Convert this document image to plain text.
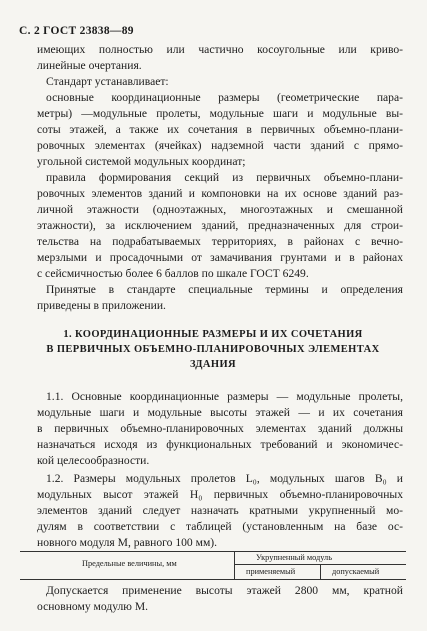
С. 2 ГОСТ 23838—89
имеющих полностью или частично косоугольные или криво-
линейные очертания.
Стандарт устанавливает:
основные координационные размеры (геометрические пара-
метры) —модульные пролеты, модульные шаги и модульные вы-
соты этажей, а также их сочетания в первичных объемно-плани-
ровочных элементах (ячейках) надземной части зданий с прямо-
угольной системой модульных координат;
правила формирования секций из первичных объемно-плани-
ровочных элементов зданий и компоновки на их основе зданий раз-
личной этажности (одноэтажных, многоэтажных и смешанной
этажности), за исключением зданий, предназначенных для строи-
тельства на подрабатываемых территориях, в районах с вечно-
мерзлыми и просадочными от замачивания грунтами и в районах
с сейсмичностью более 6 баллов по шкале ГОСТ 6249.
Принятые в стандарте специальные термины и определения
приведены в приложении.
1. КООРДИНАЦИОННЫЕ РАЗМЕРЫ И ИХ СОЧЕТАНИЯ
В ПЕРВИЧНЫХ ОБЪЕМНО-ПЛАНИРОВОЧНЫХ ЭЛЕМЕНТАХ
ЗДАНИЯ
1.1. Основные координационные размеры — модульные пролеты,
модульные шаги и модульные высоты этажей — и их сочетания
в первичных объемно-планировочных элементах зданий должны
назначаться исходя из функциональных требований и экономичес-
кой целесообразности.
1.2. Размеры модульных пролетов L₀, модульных шагов B₀ и
модульных высот этажей H₀ первичных объемно-планировочных
элементов зданий следует назначать кратными укрупненный мо-
дулям в соответствии с таблицей (установленным на базе ос-
новного модуля М, равного 100 мм).
Допускается применение высоты этажей 2800 мм, кратной
основному модулю М.
Предельные величины, мм
Укрупненный модуль
применяемый	допускаемый
